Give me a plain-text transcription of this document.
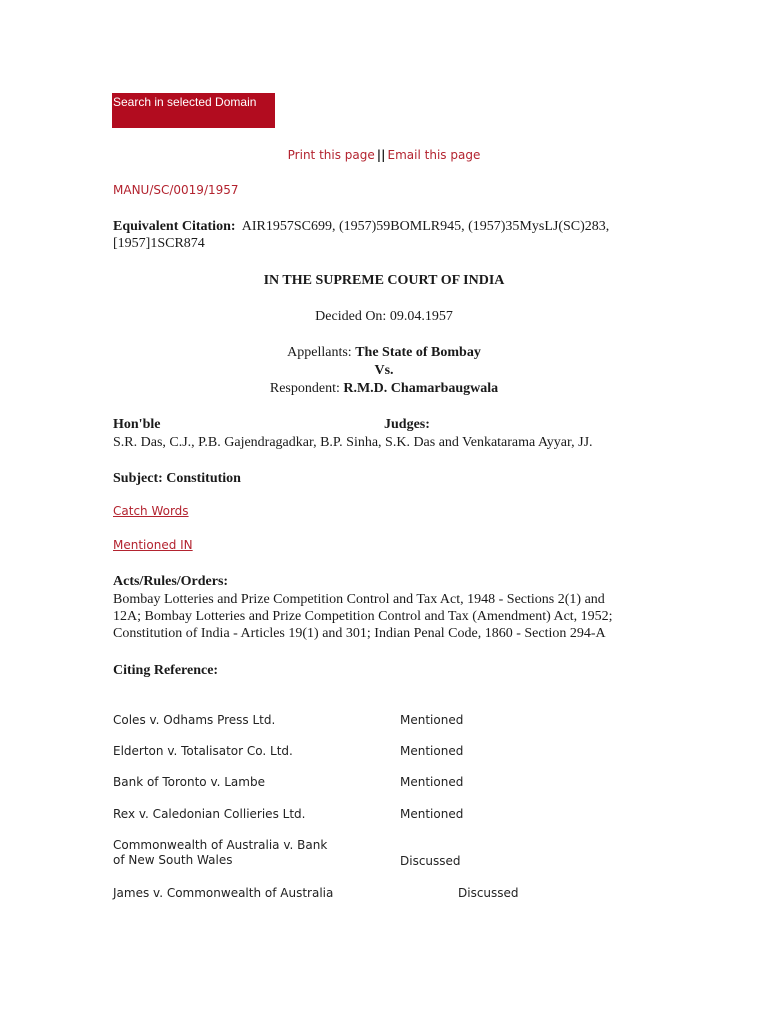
Search in selected Domain
Print this page || Email this page
MANU/SC/0019/1957
Equivalent Citation: AIR1957SC699, (1957)59BOMLR945, (1957)35MysLJ(SC)283,
[1957]1SCR874
IN THE SUPREME COURT OF INDIA
Decided On: 09.04.1957
Appellants: The State of Bombay
Vs.
Respondent: R.M.D. Chamarbaugwala
Hon'ble	Judges:
S.R. Das, C.J., P.B. Gajendragadkar, B.P. Sinha, S.K. Das and Venkatarama Ayyar, JJ.
Subject: Constitution
Catch Words
Mentioned IN
Acts/Rules/Orders:
Bombay Lotteries and Prize Competition Control and Tax Act, 1948 - Sections 2(1) and
12A; Bombay Lotteries and Prize Competition Control and Tax (Amendment) Act, 1952;
Constitution of India - Articles 19(1) and 301; Indian Penal Code, 1860 - Section 294-A
Citing Reference:
Coles v. Odhams Press Ltd.	Mentioned
Elderton v. Totalisator Co. Ltd.	Mentioned
Bank of Toronto v. Lambe	Mentioned
Rex v. Caledonian Collieries Ltd.	Mentioned
Commonwealth of Australia v. Bank
of New South Wales	Discussed
James v. Commonwealth of Australia	Discussed
